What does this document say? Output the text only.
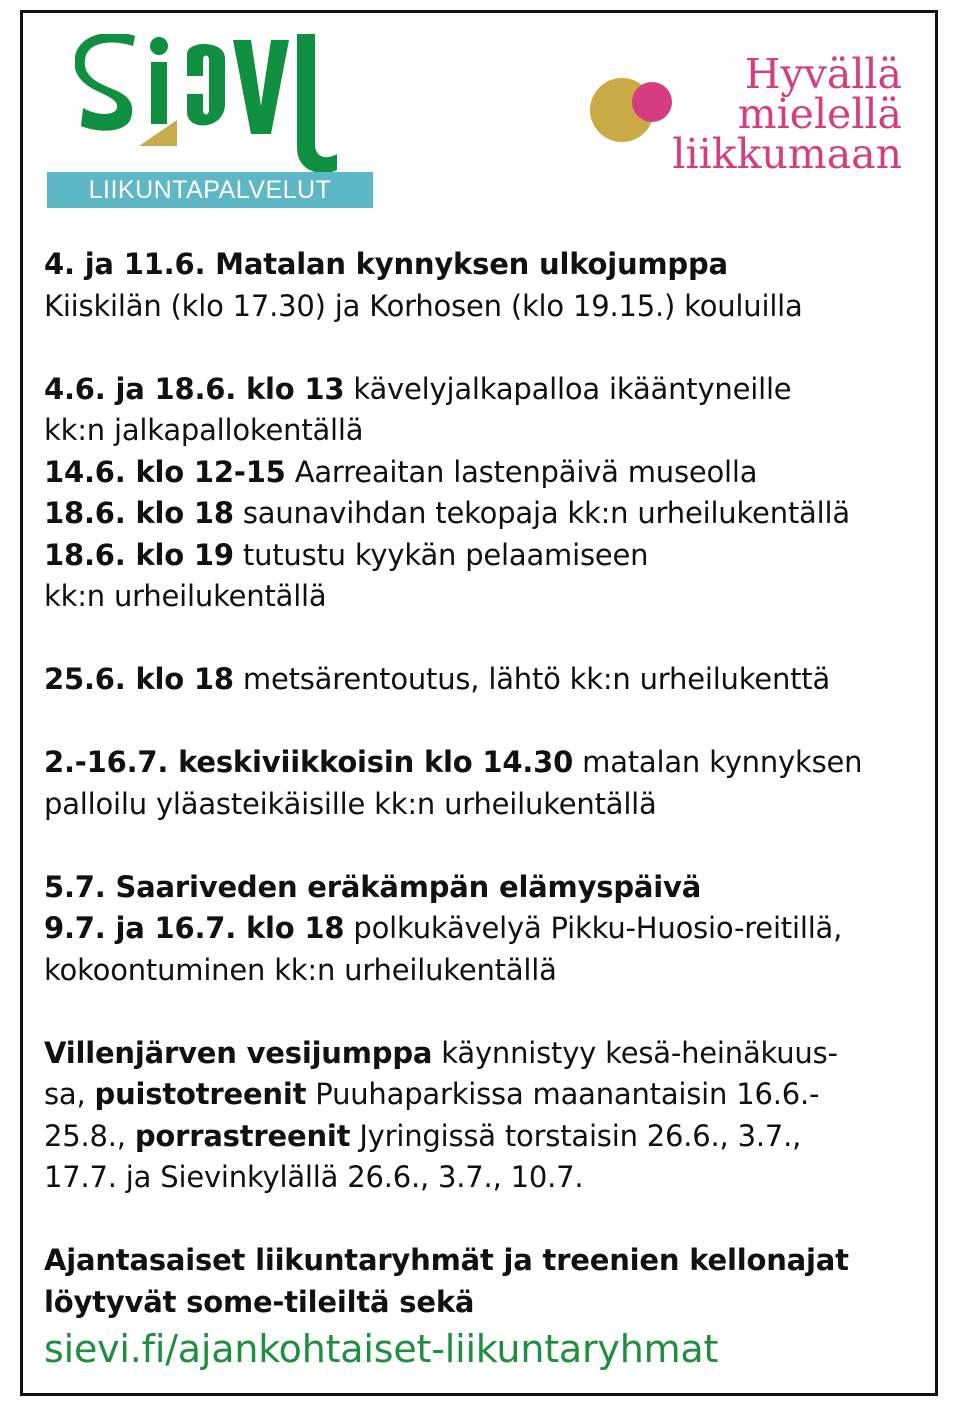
LIIKUNTAPALVELUT
Hyvällä
mielellä
liikkumaan
4. ja 11.6. Matalan kynnyksen ulkojumppa
Kiiskilän (klo 17.30) ja Korhosen (klo 19.15.) kouluilla
4.6. ja 18.6. klo 13 kävelyjalkapalloa ikääntyneille
kk:n jalkapallokentällä
14.6. klo 12-15 Aarreaitan lastenpäivä museolla
18.6. klo 18 saunavihdan tekopaja kk:n urheilukentällä
18.6. klo 19 tutustu kyykän pelaamiseen
kk:n urheilukentällä
25.6. klo 18 metsärentoutus, lähtö kk:n urheilukenttä
2.-16.7. keskiviikkoisin klo 14.30 matalan kynnyksen
palloilu yläasteikäisille kk:n urheilukentällä
5.7. Saariveden eräkämpän elämyspäivä
9.7. ja 16.7. klo 18 polkukävelyä Pikku-Huosio-reitillä,
kokoontuminen kk:n urheilukentällä
Villenjärven vesijumppa käynnistyy kesä-heinäkuus-
sa, puistotreenit Puuhaparkissa maanantaisin 16.6.-
25.8., porrastreenit Jyringissä torstaisin 26.6., 3.7.,
17.7. ja Sievinkylällä 26.6., 3.7., 10.7.
Ajantasaiset liikuntaryhmät ja treenien kellonajat
löytyvät some-tileiltä sekä
sievi.fi/ajankohtaiset-liikuntaryhmat
